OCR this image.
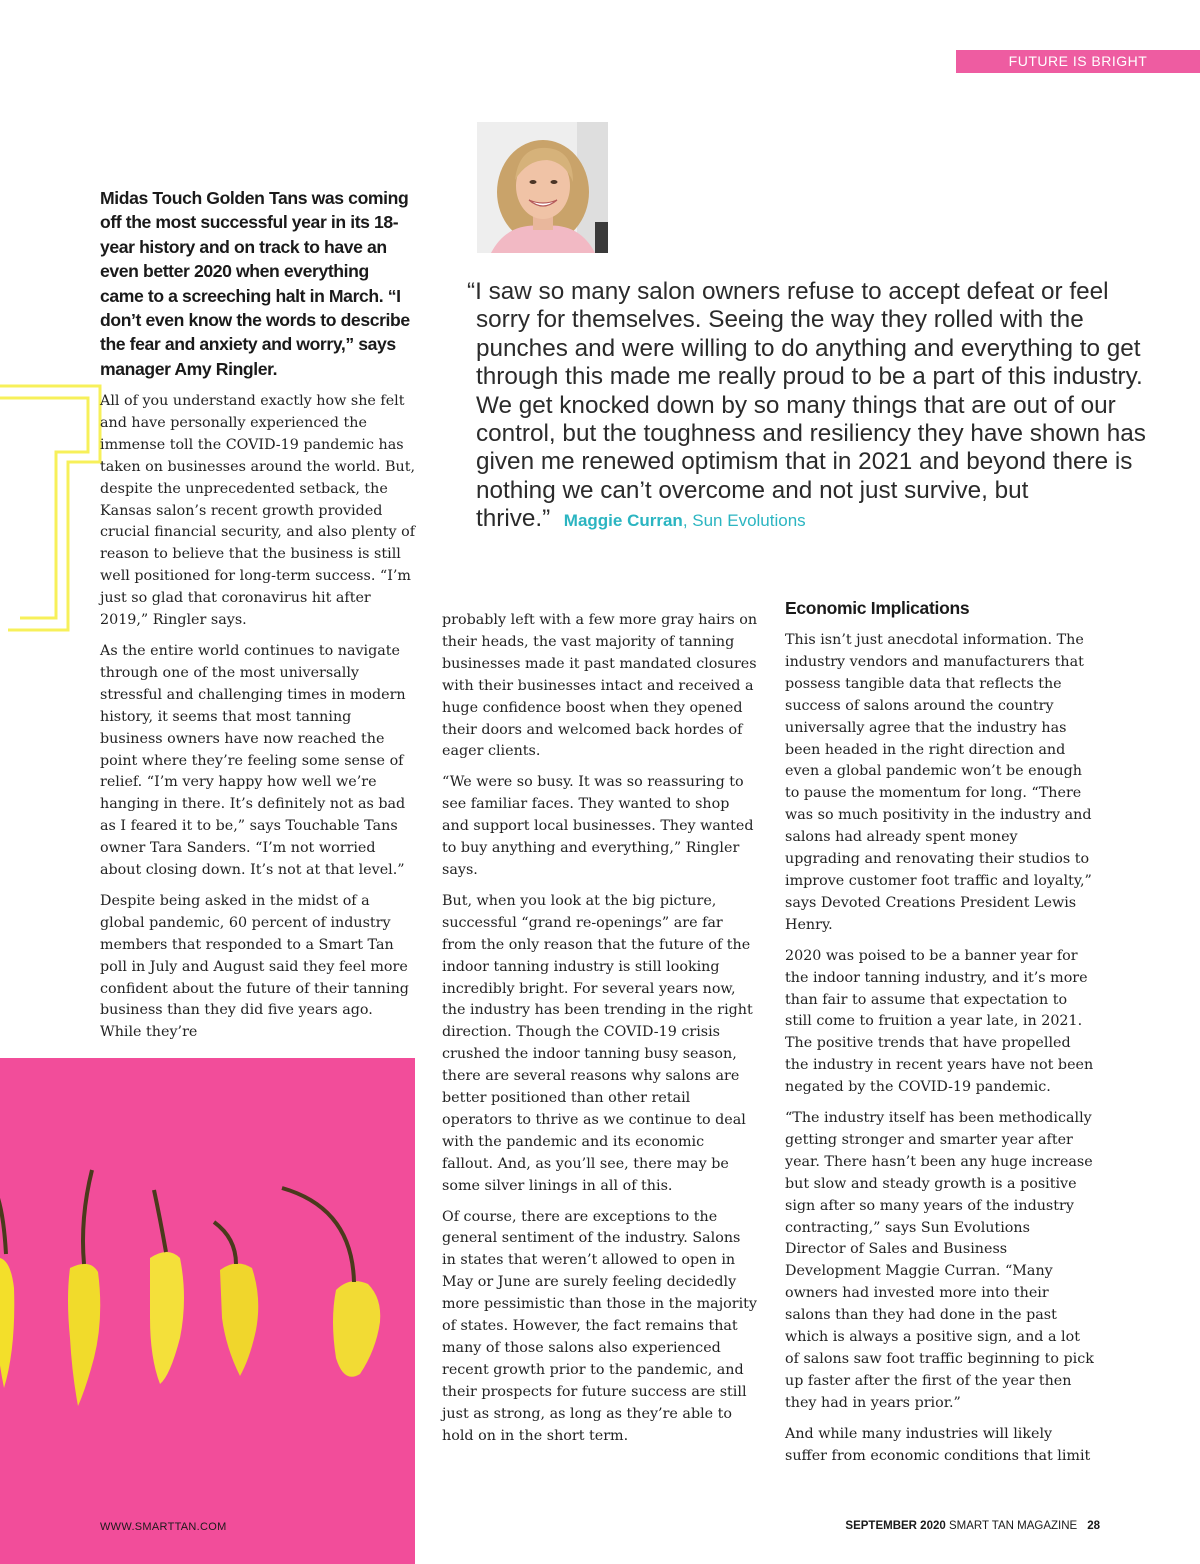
FUTURE IS BRIGHT
“I saw so many salon owners refuse to accept defeat or feel sorry for themselves. Seeing the way they rolled with the punches and were willing to do anything and everything to get through this made me really proud to be a part of this industry. We get knocked down by so many things that are out of our control, but the toughness and resiliency they have shown has given me renewed optimism that in 2021 and beyond there is nothing we can’t overcome and not just survive, but thrive.” Maggie Curran, Sun Evolutions
Midas Touch Golden Tans was coming off the most successful year in its 18-year history and on track to have an even better 2020 when everything came to a screeching halt in March. “I don’t even know the words to describe the fear and anxiety and worry,” says manager Amy Ringler.

All of you understand exactly how she felt and have personally experienced the immense toll the COVID-19 pandemic has taken on businesses around the world. But, despite the unprecedented setback, the Kansas salon’s recent growth provided crucial financial security, and also plenty of reason to believe that the business is still well positioned for long-term success. “I’m just so glad that coronavirus hit after 2019,” Ringler says.

As the entire world continues to navigate through one of the most universally stressful and challenging times in modern history, it seems that most tanning business owners have now reached the point where they’re feeling some sense of relief. “I’m very happy how well we’re hanging in there. It’s definitely not as bad as I feared it to be,” says Touchable Tans owner Tara Sanders. “I’m not worried about closing down. It’s not at that level.”

Despite being asked in the midst of a global pandemic, 60 percent of industry members that responded to a Smart Tan poll in July and August said they feel more confident about the future of their tanning business than they did five years ago. While they’re

probably left with a few more gray hairs on their heads, the vast majority of tanning businesses made it past mandated closures with their businesses intact and received a huge confidence boost when they opened their doors and welcomed back hordes of eager clients.

“We were so busy. It was so reassuring to see familiar faces. They wanted to shop and support local businesses. They wanted to buy anything and everything,” Ringler says.

But, when you look at the big picture, successful “grand re-openings” are far from the only reason that the future of the indoor tanning industry is still looking incredibly bright. For several years now, the industry has been trending in the right direction. Though the COVID-19 crisis crushed the indoor tanning busy season, there are several reasons why salons are better positioned than other retail operators to thrive as we continue to deal with the pandemic and its economic fallout. And, as you’ll see, there may be some silver linings in all of this.

Of course, there are exceptions to the general sentiment of the industry. Salons in states that weren’t allowed to open in May or June are surely feeling decidedly more pessimistic than those in the majority of states. However, the fact remains that many of those salons also experienced recent growth prior to the pandemic, and their prospects for future success are still just as strong, as long as they’re able to hold on in the short term.

Economic Implications

This isn’t just anecdotal information. The industry vendors and manufacturers that possess tangible data that reflects the success of salons around the country universally agree that the industry has been headed in the right direction and even a global pandemic won’t be enough to pause the momentum for long. “There was so much positivity in the industry and salons had already spent money upgrading and renovating their studios to improve customer foot traffic and loyalty,” says Devoted Creations President Lewis Henry.

2020 was poised to be a banner year for the indoor tanning industry, and it’s more than fair to assume that expectation to still come to fruition a year late, in 2021. The positive trends that have propelled the industry in recent years have not been negated by the COVID-19 pandemic.

“The industry itself has been methodically getting stronger and smarter year after year. There hasn’t been any huge increase but slow and steady growth is a positive sign after so many years of the industry contracting,” says Sun Evolutions Director of Sales and Business Development Maggie Curran. “Many owners had invested more into their salons than they had done in the past which is always a positive sign, and a lot of salons saw foot traffic beginning to pick up faster after the first of the year then they had in years prior.”

And while many industries will likely suffer from economic conditions that limit

WWW.SMARTTAN.COM	SEPTEMBER 2020 SMART TAN MAGAZINE 28
